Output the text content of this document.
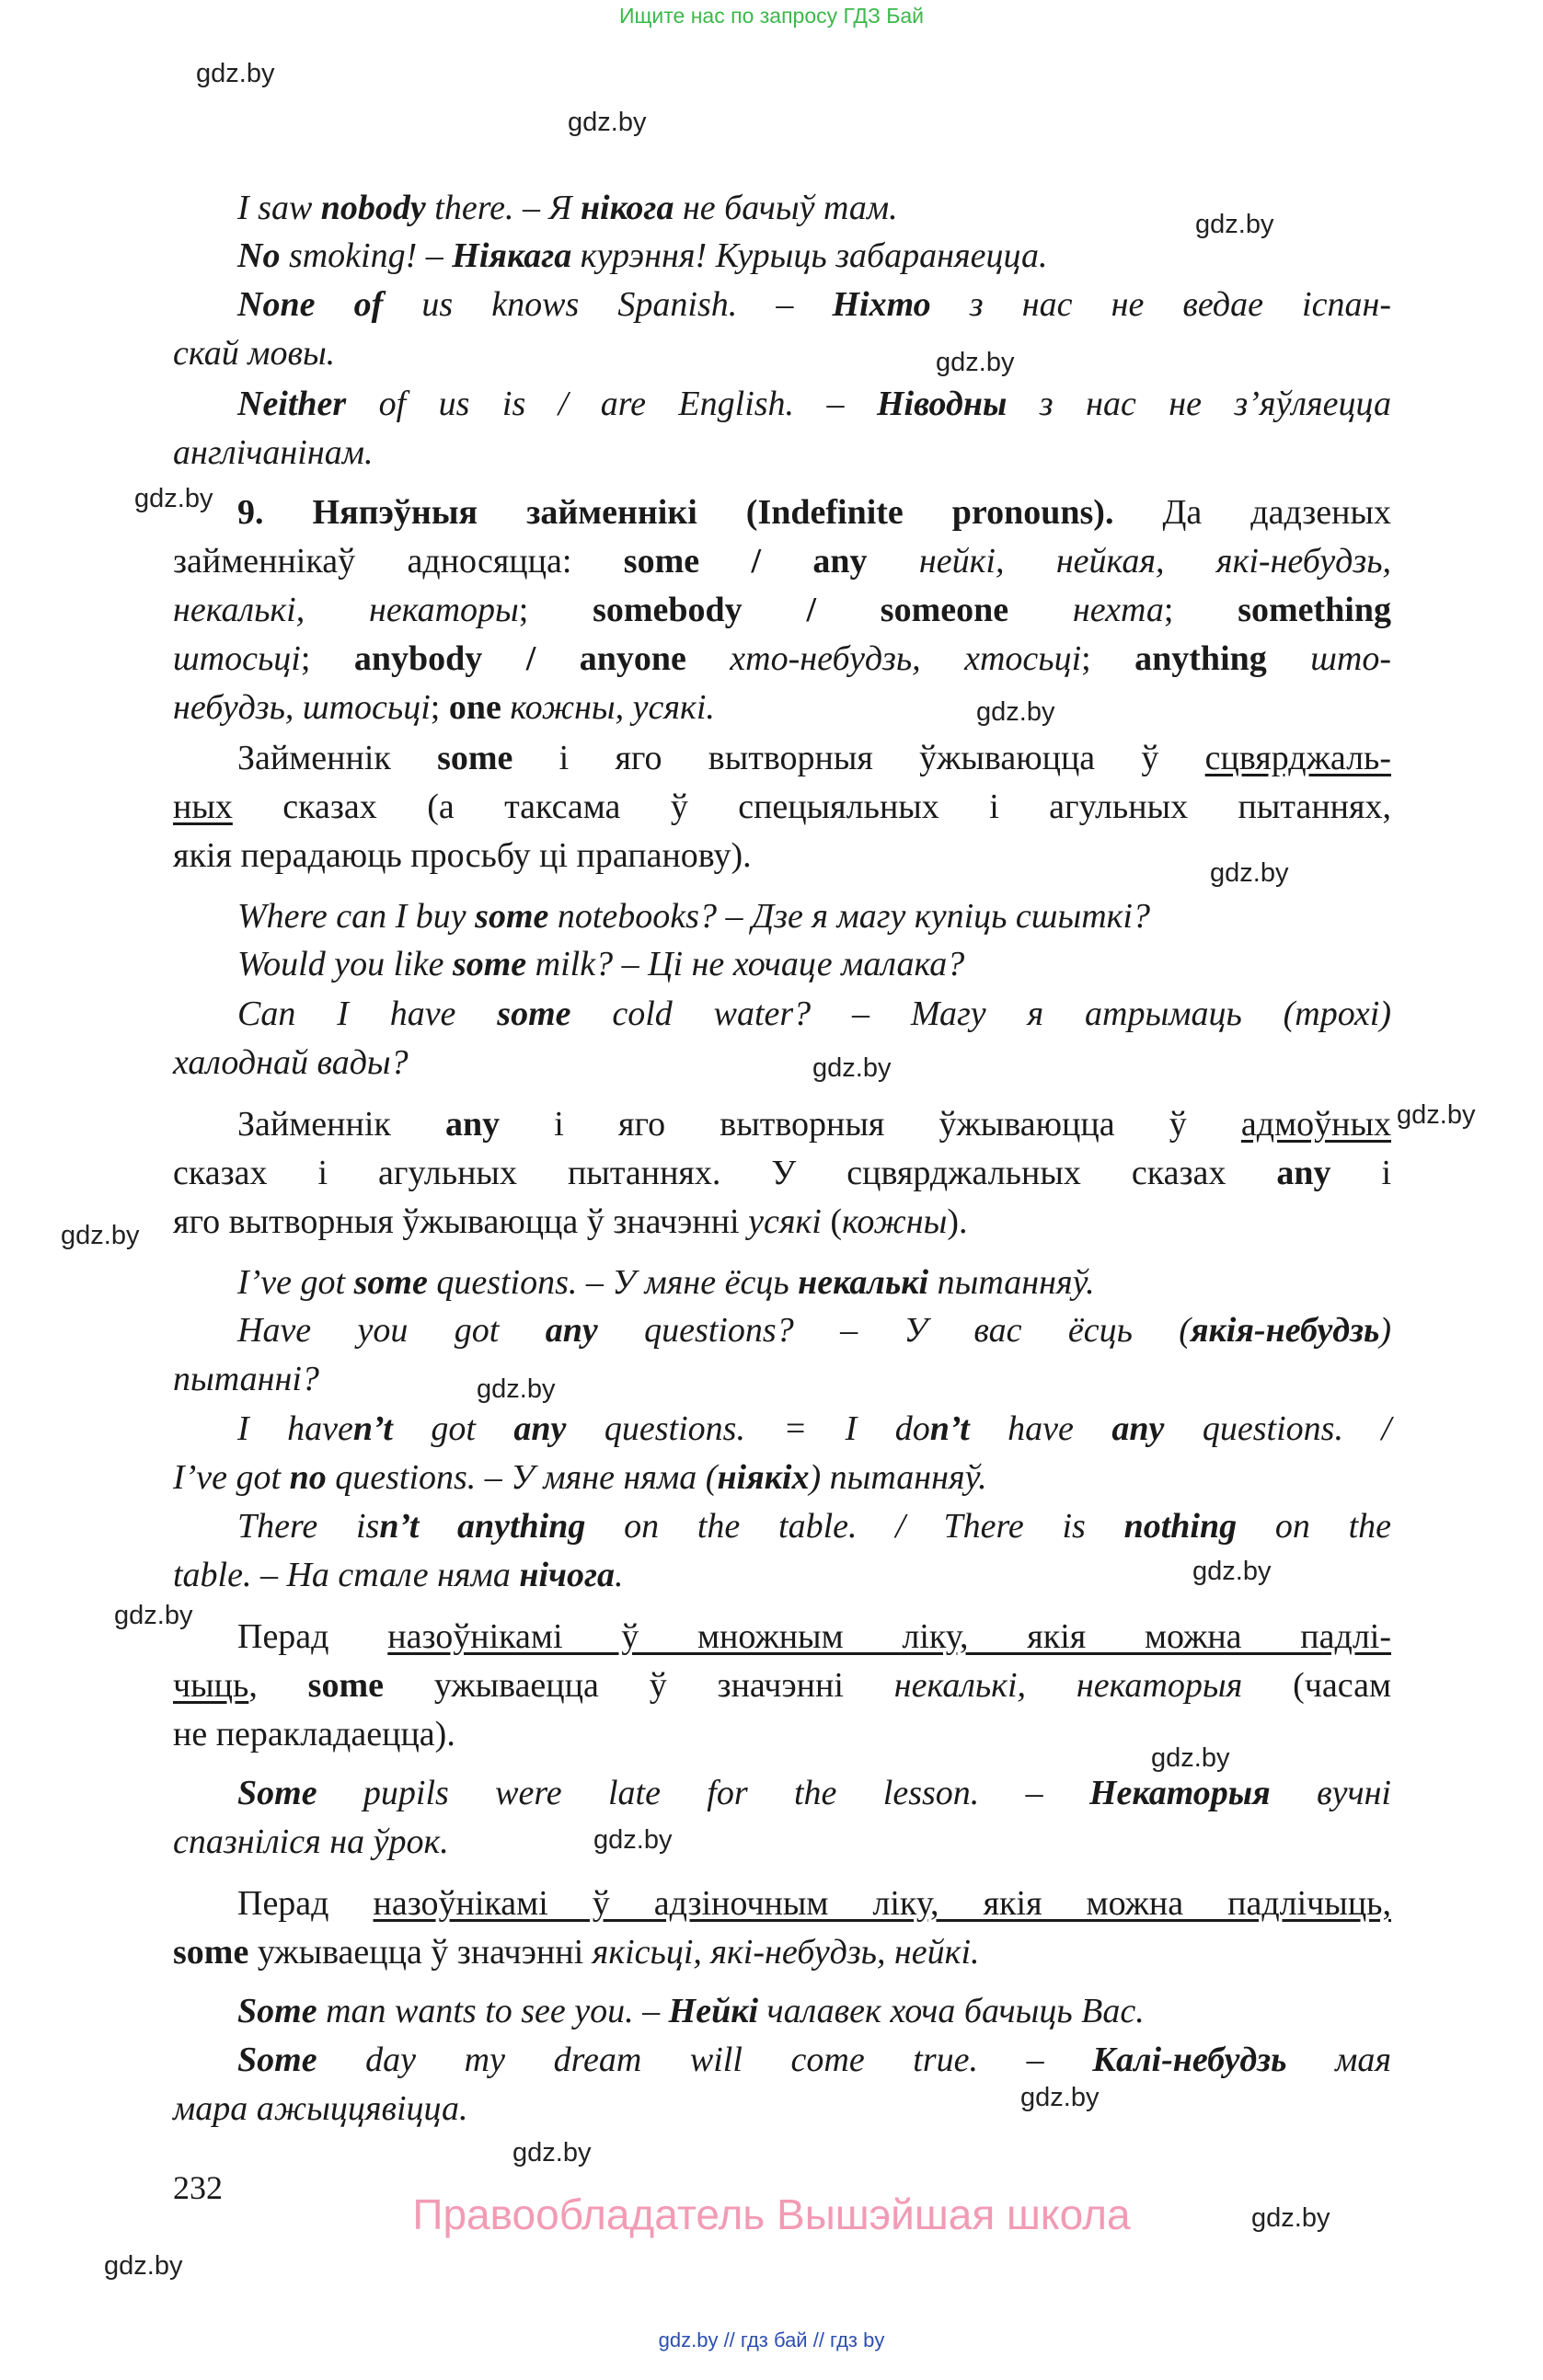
Ищите нас по запросу ГДЗ Бай
I saw nobody there. – Я нікога не бачыў там.
No smoking! – Ніякага курэння! Курыць забараняецца.
None of us knows Spanish. – Ніхто з нас не ведае іспан-
скай мовы.
Neither of us is / are English. – Ніводны з нас не з’яўляецца
англічанінам.
9. Няпэўныя займеннікі (Indefinite pronouns). Да дадзеных
займеннікаў адносяцца: some / any нейкі, нейкая, які-небудзь,
некалькі, некаторы; somebody / someone нехта; something
штосьці; anybody / anyone хто-небудзь, хтосьці; anything што-
небудзь, штосьці; one кожны, усякі.
Займеннік some і яго вытворныя ўжываюцца ў сцвярджаль-
ных сказах (а таксама ў спецыяльных і агульных пытаннях,
якія перадаюць просьбу ці прапанову).
Where can I buy some notebooks? – Дзе я магу купіць сшыткі?
Would you like some milk? – Ці не хочаце малака?
Can I have some cold water? – Магу я атрымаць (трохі)
халоднай вады?
Займеннік any і яго вытворныя ўжываюцца ў адмоўных
сказах і агульных пытаннях. У сцвярджальных сказах any і
яго вытворныя ўжываюцца ў значэнні усякі (кожны).
I’ve got some questions. – У мяне ёсць некалькі пытанняў.
Have you got any questions? – У вас ёсць (якія-небудзь)
пытанні?
I haven’t got any questions. = I don’t have any questions. /
I’ve got no questions. – У мяне няма (ніякіх) пытанняў.
There isn’t anything on the table. / There is nothing on the
table. – На стале няма нічога.
Перад назоўнікамі ў множным ліку, якія можна падлі-
чыць, some ужываецца ў значэнні некалькі, некаторыя (часам
не перакладаецца).
Some pupils were late for the lesson. – Некаторыя вучні
спазніліся на ўрок.
Перад назоўнікамі ў адзіночным ліку, якія можна падлічыць,
some ужываецца ў значэнні якісьці, які-небудзь, нейкі.
Some man wants to see you. – Нейкі чалавек хоча бачыць Вас.
Some day my dream will come true. – Калі-небудзь мая
мара ажыццявіцца.
232
Правообладатель Вышэйшая школа
gdz.by // гдз бай // гдз by
gdz.by
gdz.by
gdz.by
gdz.by
gdz.by
gdz.by
gdz.by
gdz.by
gdz.by
gdz.by
gdz.by
gdz.by
gdz.by
gdz.by
gdz.by
gdz.by
gdz.by
gdz.by
gdz.by
